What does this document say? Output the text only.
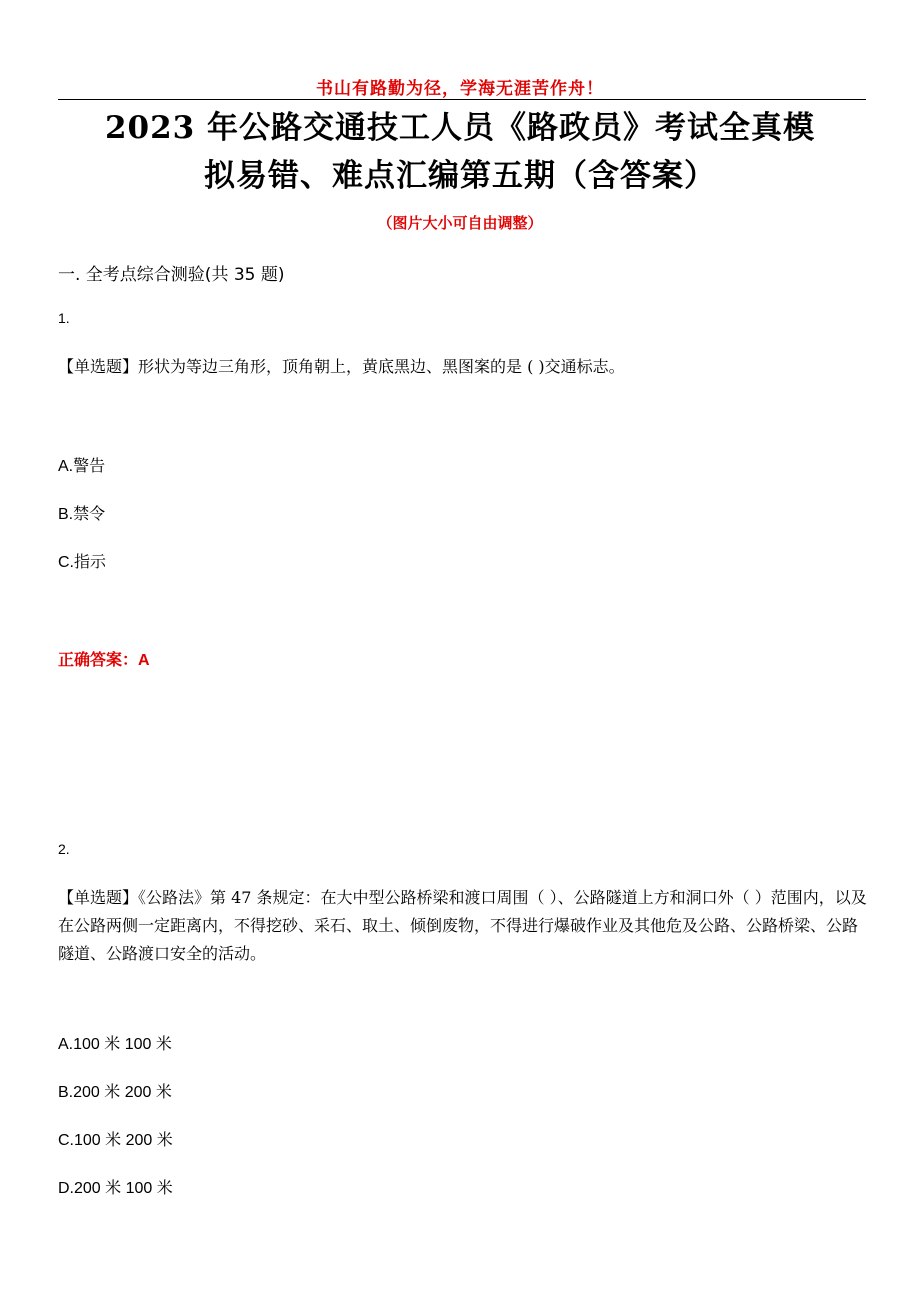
书山有路勤为径，学海无涯苦作舟！
2023 年公路交通技工人员《路政员》考试全真模
拟易错、难点汇编第五期（含答案）
（图片大小可自由调整）
一. 全考点综合测验(共 35 题)
1.
【单选题】形状为等边三角形，顶角朝上，黄底黑边、黑图案的是 ( )交通标志。
A.警告
B.禁令
C.指示
正确答案：A
2.
【单选题】《公路法》第 47 条规定：在大中型公路桥梁和渡口周围（ ）、公路隧道上方和洞口外（ ）范围内，以及在公路两侧一定距离内，不得挖砂、采石、取土、倾倒废物，不得进行爆破作业及其他危及公路、公路桥梁、公路隧道、公路渡口安全的活动。
A.100 米 100 米
B.200 米 200 米
C.100 米 200 米
D.200 米 100 米
